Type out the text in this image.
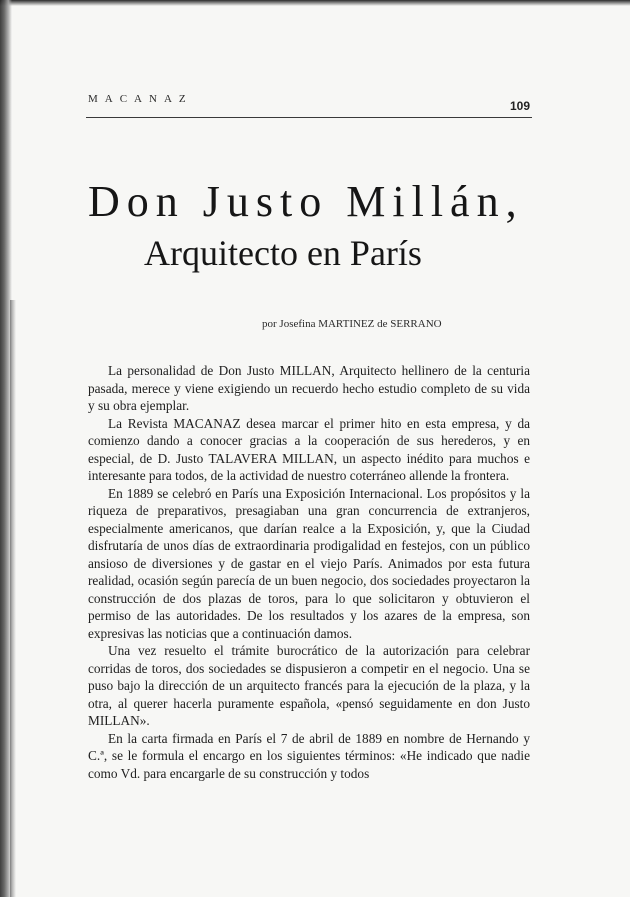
MACANAZ	109
Don Justo Millán,
Arquitecto en París
por Josefina MARTINEZ de SERRANO

La personalidad de Don Justo MILLAN, Arquitecto hellinero de la centuria pasada, merece y viene exigiendo un recuerdo hecho estudio completo de su vida y su obra ejemplar.

La Revista MACANAZ desea marcar el primer hito en esta empresa, y da comienzo dando a conocer gracias a la cooperación de sus herederos, y en especial, de D. Justo TALAVERA MILLAN, un aspecto inédito para muchos e interesante para todos, de la actividad de nuestro coterráneo allende la frontera.

En 1889 se celebró en París una Exposición Internacional. Los propósitos y la riqueza de preparativos, presagiaban una gran concurrencia de extranjeros, especialmente americanos, que darían realce a la Exposición, y, que la Ciudad disfrutaría de unos días de extraordinaria prodigalidad en festejos, con un público ansioso de diversiones y de gastar en el viejo París. Animados por esta futura realidad, ocasión según parecía de un buen negocio, dos sociedades proyectaron la construcción de dos plazas de toros, para lo que solicitaron y obtuvieron el permiso de las autoridades. De los resultados y los azares de la empresa, son expresivas las noticias que a continuación damos.

Una vez resuelto el trámite burocrático de la autorización para celebrar corridas de toros, dos sociedades se dispusieron a competir en el negocio. Una se puso bajo la dirección de un arquitecto francés para la ejecución de la plaza, y la otra, al querer hacerla puramente española, «pensó seguidamente en don Justo MILLAN».

En la carta firmada en París el 7 de abril de 1889 en nombre de Hernando y C.ª, se le formula el encargo en los siguientes términos: «He indicado que nadie como Vd. para encargarle de su construcción y todos
